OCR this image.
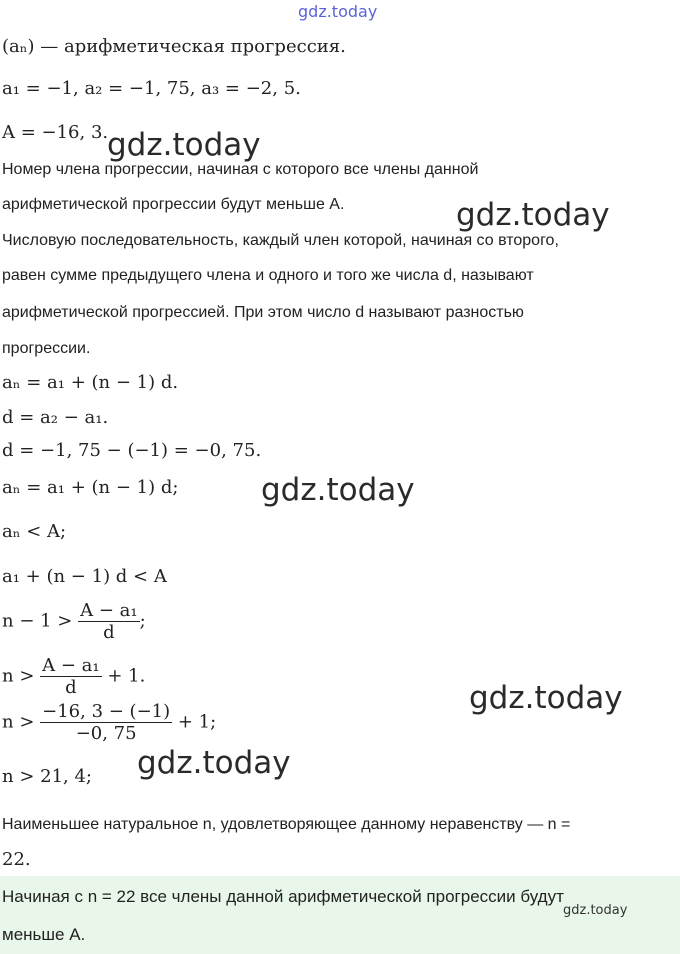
gdz.today
(aₙ) — арифметическая прогрессия.
a₁ = −1, a₂ = −1, 75, a₃ = −2, 5.
A = −16, 3.
Номер члена прогрессии, начиная с которого все члены данной
арифметической прогрессии будут меньше A.
Числовую последовательность, каждый член которой, начиная со второго,
равен сумме предыдущего члена и одного и того же числа d, называют
арифметической прогрессией. При этом число d называют разностью
прогрессии.
aₙ = a₁ + (n − 1) d.
d = a₂ − a₁.
d = −1, 75 − (−1) = −0, 75.
aₙ = a₁ + (n − 1) d;
aₙ < A;
a₁ + (n − 1) d < A
$n - 1 > \frac{\text{A − a₁}}{d}$ ;
$n > \frac{\text{A − a₁}}{d} + 1$.
$n > \frac{-16, 3 - (-1)}{-0, 75} + 1$;
n > 21, 4;
Наименьшее натуральное n, удовлетворяющее данному неравенству — n =
22.
Начиная с n = 22 все члены данной арифметической прогрессии будут
меньше A.
gdz.today
gdz.today
gdz.today
gdz.today
gdz.today
gdz.today
